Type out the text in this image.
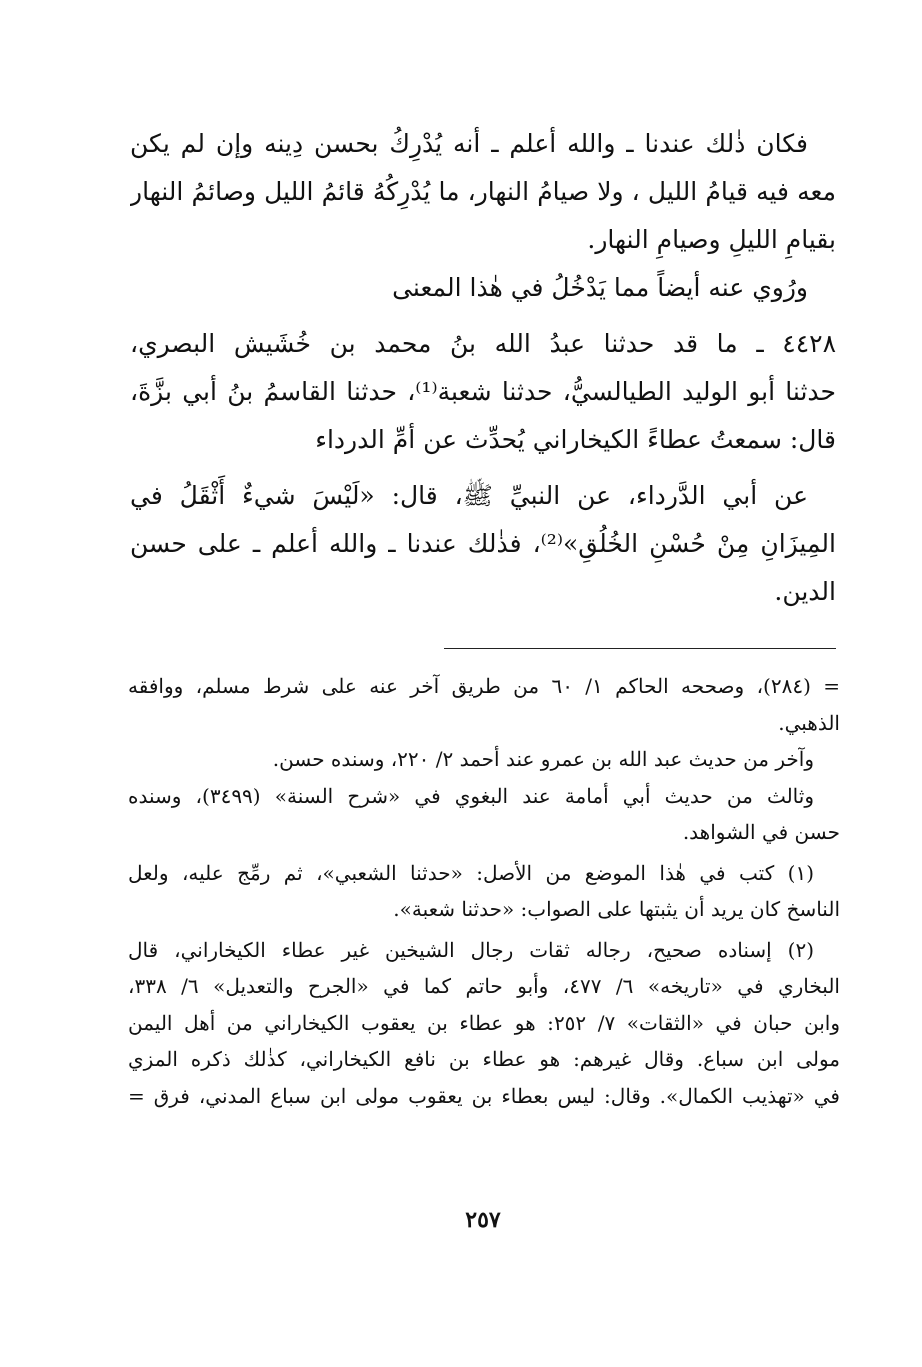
فكان ذٰلك عندنا ـ والله أعلم ـ أنه يُدْرِكُ بحسن دِينه وإن لم يكن
معه فيه قيامُ الليل ، ولا صيامُ النهار، ما يُدْرِكُهُ قائمُ الليل وصائمُ النهار
بقيامِ الليلِ وصيامِ النهار.
ورُوي عنه أيضاً مما يَدْخُلُ في هٰذا المعنى
٤٤٢٨ ـ ما قد حدثنا عبدُ الله بنُ محمد بن خُشَيش البصري،
حدثنا أبو الوليد الطيالسيُّ، حدثنا شعبة⁽¹⁾، حدثنا القاسمُ بنُ أبي بزَّةَ،
قال: سمعتُ عطاءً الكيخاراني يُحدِّث عن أمِّ الدرداء
عن أبي الدَّرداء، عن النبيِّ ﷺ، قال: «لَيْسَ شيءٌ أَثْقَلُ في
المِيزَانِ مِنْ حُسْنِ الخُلُقِ»⁽²⁾، فذٰلك عندنا ـ والله أعلم ـ على حسن
الدين.
= (٢٨٤)، وصححه الحاكم ١/ ٦٠ من طريق آخر عنه على شرط مسلم، ووافقه
الذهبي.
وآخر من حديث عبد الله بن عمرو عند أحمد ٢/ ٢٢٠، وسنده حسن.
وثالث من حديث أبي أمامة عند البغوي في «شرح السنة» (٣٤٩٩)، وسنده
حسن في الشواهد.
(١) كتب في هٰذا الموضع من الأصل: «حدثنا الشعبي»، ثم رمِّج عليه، ولعل
الناسخ كان يريد أن يثبتها على الصواب: «حدثنا شعبة».
(٢) إسناده صحيح، رجاله ثقات رجال الشيخين غير عطاء الكيخاراني، قال
البخاري في «تاريخه» ٦/ ٤٧٧، وأبو حاتم كما في «الجرح والتعديل» ٦/ ٣٣٨،
وابن حبان في «الثقات» ٧/ ٢٥٢: هو عطاء بن يعقوب الكيخاراني من أهل اليمن
مولى ابن سباع. وقال غيرهم: هو عطاء بن نافع الكيخاراني، كذٰلك ذكره المزي
في «تهذيب الكمال». وقال: ليس بعطاء بن يعقوب مولى ابن سباع المدني، فرق =
٢٥٧
